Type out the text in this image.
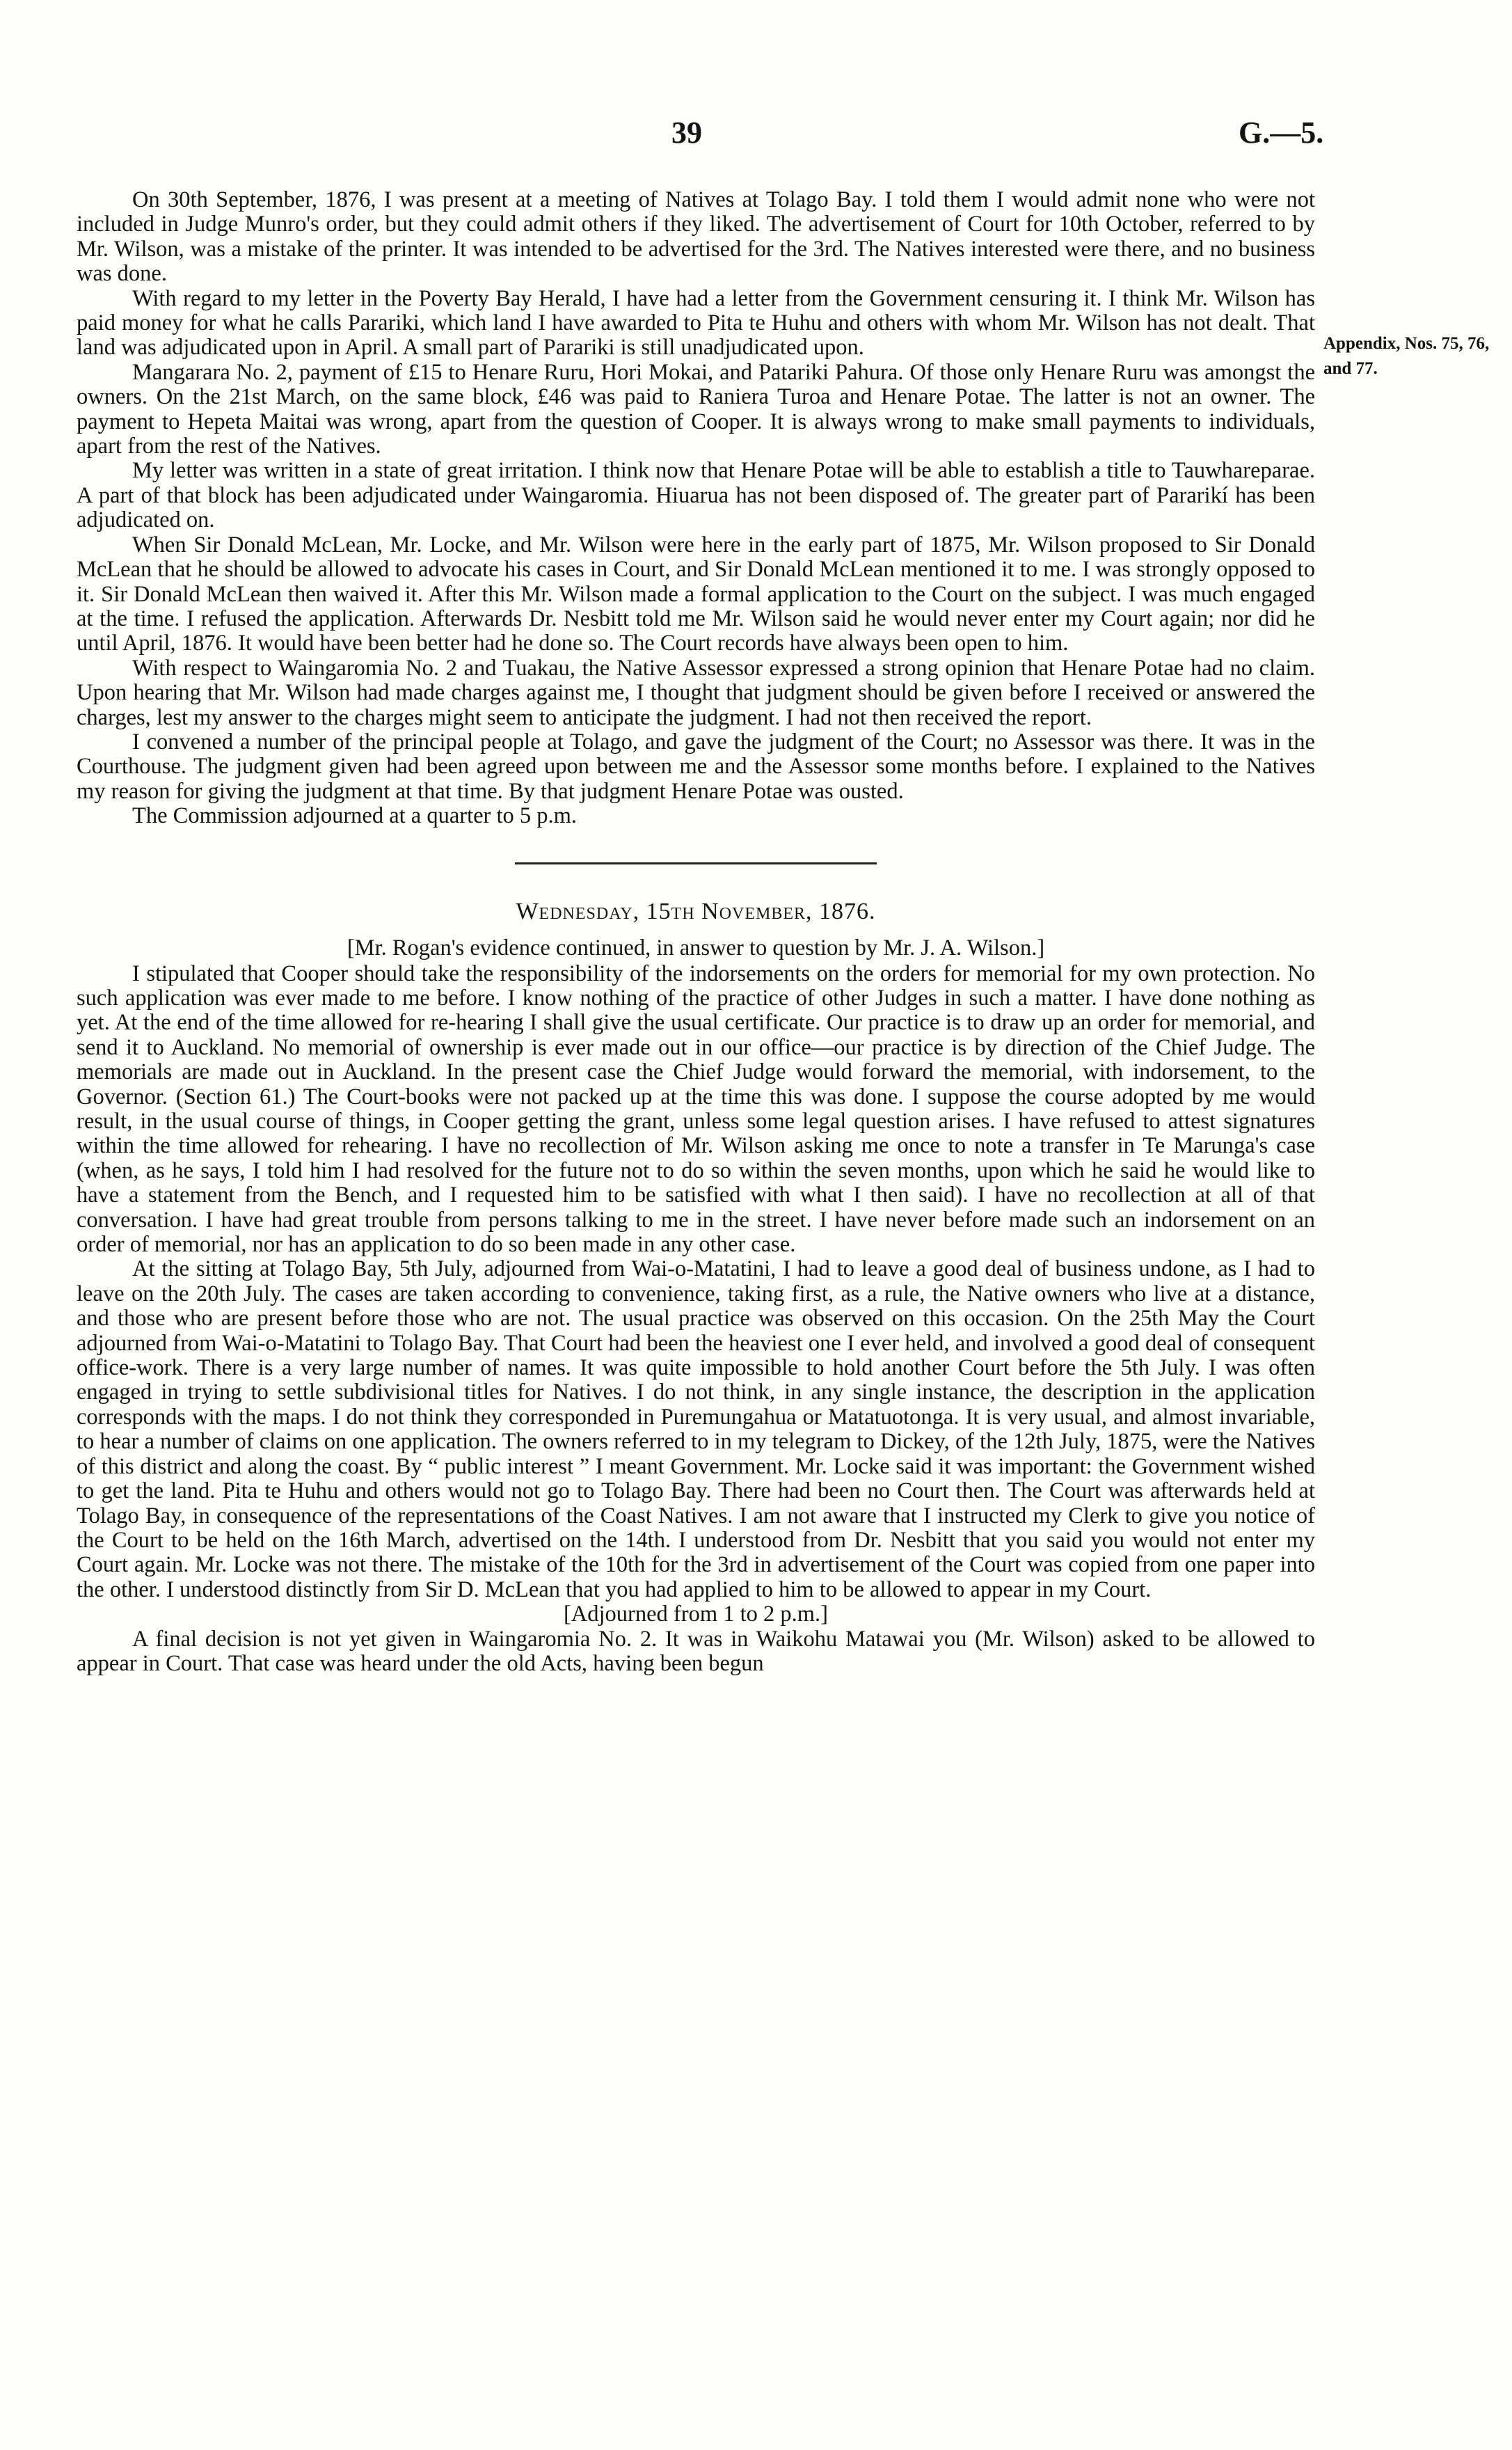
39	G.—5.
Appendix, Nos. 75, 76, and 77.

On 30th September, 1876, I was present at a meeting of Natives at Tolago Bay. I told them I would admit none who were not included in Judge Munro's order, but they could admit others if they liked. The advertisement of Court for 10th October, referred to by Mr. Wilson, was a mistake of the printer. It was intended to be advertised for the 3rd. The Natives interested were there, and no business was done.

With regard to my letter in the Poverty Bay Herald, I have had a letter from the Government censuring it. I think Mr. Wilson has paid money for what he calls Parariki, which land I have awarded to Pita te Huhu and others with whom Mr. Wilson has not dealt. That land was adjudicated upon in April. A small part of Parariki is still unadjudicated upon.

Mangarara No. 2, payment of £15 to Henare Ruru, Hori Mokai, and Patariki Pahura. Of those only Henare Ruru was amongst the owners. On the 21st March, on the same block, £46 was paid to Raniera Turoa and Henare Potae. The latter is not an owner. The payment to Hepeta Maitai was wrong, apart from the question of Cooper. It is always wrong to make small payments to individuals, apart from the rest of the Natives.

My letter was written in a state of great irritation. I think now that Henare Potae will be able to establish a title to Tauwhareparae. A part of that block has been adjudicated under Waingaromia. Hiuarua has not been disposed of. The greater part of Pararikí has been adjudicated on.

When Sir Donald McLean, Mr. Locke, and Mr. Wilson were here in the early part of 1875, Mr. Wilson proposed to Sir Donald McLean that he should be allowed to advocate his cases in Court, and Sir Donald McLean mentioned it to me. I was strongly opposed to it. Sir Donald McLean then waived it. After this Mr. Wilson made a formal application to the Court on the subject. I was much engaged at the time. I refused the application. Afterwards Dr. Nesbitt told me Mr. Wilson said he would never enter my Court again; nor did he until April, 1876. It would have been better had he done so. The Court records have always been open to him.

With respect to Waingaromia No. 2 and Tuakau, the Native Assessor expressed a strong opinion that Henare Potae had no claim. Upon hearing that Mr. Wilson had made charges against me, I thought that judgment should be given before I received or answered the charges, lest my answer to the charges might seem to anticipate the judgment. I had not then received the report.

I convened a number of the principal people at Tolago, and gave the judgment of the Court; no Assessor was there. It was in the Courthouse. The judgment given had been agreed upon between me and the Assessor some months before. I explained to the Natives my reason for giving the judgment at that time. By that judgment Henare Potae was ousted.

The Commission adjourned at a quarter to 5 p.m.

Wednesday, 15th November, 1876.

[Mr. Rogan's evidence continued, in answer to question by Mr. J. A. Wilson.]

I stipulated that Cooper should take the responsibility of the indorsements on the orders for memorial for my own protection. No such application was ever made to me before. I know nothing of the practice of other Judges in such a matter. I have done nothing as yet. At the end of the time allowed for re-hearing I shall give the usual certificate. Our practice is to draw up an order for memorial, and send it to Auckland. No memorial of ownership is ever made out in our office—our practice is by direction of the Chief Judge. The memorials are made out in Auckland. In the present case the Chief Judge would forward the memorial, with indorsement, to the Governor. (Section 61.) The Court-books were not packed up at the time this was done. I suppose the course adopted by me would result, in the usual course of things, in Cooper getting the grant, unless some legal question arises. I have refused to attest signatures within the time allowed for rehearing. I have no recollection of Mr. Wilson asking me once to note a transfer in Te Marunga's case (when, as he says, I told him I had resolved for the future not to do so within the seven months, upon which he said he would like to have a statement from the Bench, and I requested him to be satisfied with what I then said). I have no recollection at all of that conversation. I have had great trouble from persons talking to me in the street. I have never before made such an indorsement on an order of memorial, nor has an application to do so been made in any other case.

At the sitting at Tolago Bay, 5th July, adjourned from Wai-o-Matatini, I had to leave a good deal of business undone, as I had to leave on the 20th July. The cases are taken according to convenience, taking first, as a rule, the Native owners who live at a distance, and those who are present before those who are not. The usual practice was observed on this occasion. On the 25th May the Court adjourned from Wai-o-Matatini to Tolago Bay. That Court had been the heaviest one I ever held, and involved a good deal of consequent office-work. There is a very large number of names. It was quite impossible to hold another Court before the 5th July. I was often engaged in trying to settle subdivisional titles for Natives. I do not think, in any single instance, the description in the application corresponds with the maps. I do not think they corresponded in Puremungahua or Matatuotonga. It is very usual, and almost invariable, to hear a number of claims on one application. The owners referred to in my telegram to Dickey, of the 12th July, 1875, were the Natives of this district and along the coast. By “ public interest ” I meant Government. Mr. Locke said it was important: the Government wished to get the land. Pita te Huhu and others would not go to Tolago Bay. There had been no Court then. The Court was afterwards held at Tolago Bay, in consequence of the representations of the Coast Natives. I am not aware that I instructed my Clerk to give you notice of the Court to be held on the 16th March, advertised on the 14th. I understood from Dr. Nesbitt that you said you would not enter my Court again. Mr. Locke was not there. The mistake of the 10th for the 3rd in advertisement of the Court was copied from one paper into the other. I understood distinctly from Sir D. McLean that you had applied to him to be allowed to appear in my Court.

[Adjourned from 1 to 2 p.m.]

A final decision is not yet given in Waingaromia No. 2. It was in Waikohu Matawai you (Mr. Wilson) asked to be allowed to appear in Court. That case was heard under the old Acts, having been begun
